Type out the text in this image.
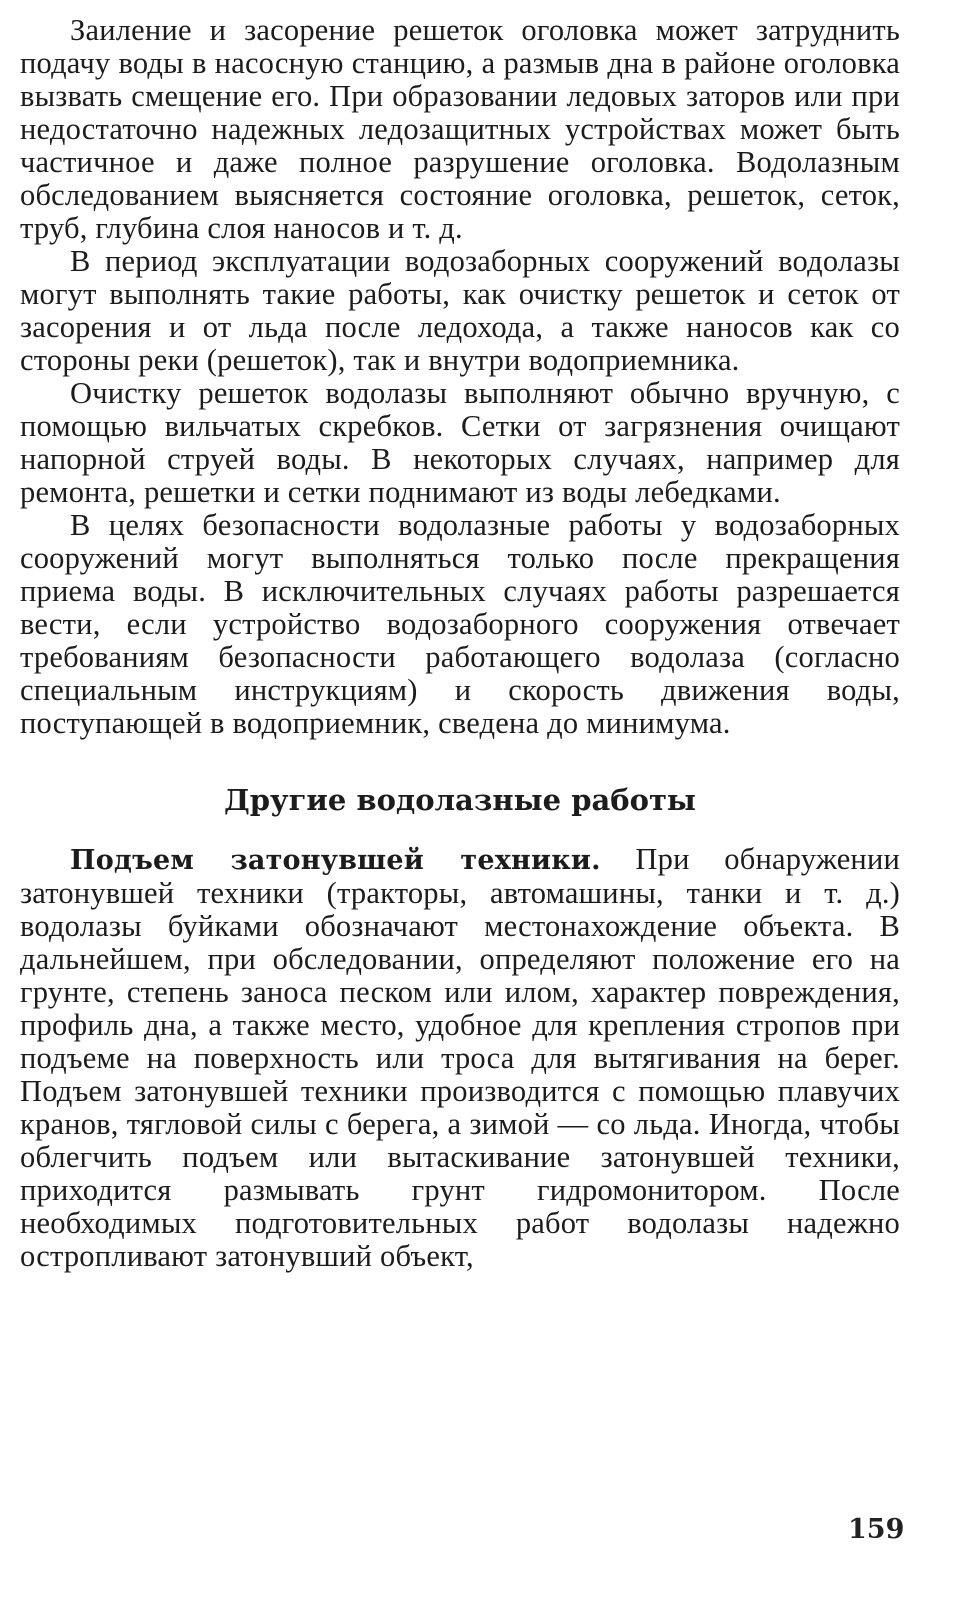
Заиление и засорение решеток оголовка может затруднить подачу воды в насосную станцию, а размыв дна в районе оголовка вызвать смещение его. При образовании ледовых заторов или при недостаточно надежных ледозащитных устройствах может быть частичное и даже полное разрушение оголовка. Водолазным обследованием выясняется состояние оголовка, решеток, сеток, труб, глубина слоя наносов и т. д.

В период эксплуатации водозаборных сооружений водолазы могут выполнять такие работы, как очистку решеток и сеток от засорения и от льда после ледохода, а также наносов как со стороны реки (решеток), так и внутри водоприемника.

Очистку решеток водолазы выполняют обычно вручную, с помощью вильчатых скребков. Сетки от загрязнения очищают напорной струей воды. В некоторых случаях, например для ремонта, решетки и сетки поднимают из воды лебедками.

В целях безопасности водолазные работы у водозаборных сооружений могут выполняться только после прекращения приема воды. В исключительных случаях работы разрешается вести, если устройство водозаборного сооружения отвечает требованиям безопасности работающего водолаза (согласно специальным инструкциям) и скорость движения воды, поступающей в водоприемник, сведена до минимума.

Другие водолазные работы

Подъем затонувшей техники. При обнаружении затонувшей техники (тракторы, автомашины, танки и т. д.) водолазы буйками обозначают местонахождение объекта. В дальнейшем, при обследовании, определяют положение его на грунте, степень заноса песком или илом, характер повреждения, профиль дна, а также место, удобное для крепления стропов при подъеме на поверхность или троса для вытягивания на берег. Подъем затонувшей техники производится с помощью плавучих кранов, тягловой силы с берега, а зимой — со льда. Иногда, чтобы облегчить подъем или вытаскивание затонувшей техники, приходится размывать грунт гидромонитором. После необходимых подготовительных работ водолазы надежно остропливают затонувший объект,

159
